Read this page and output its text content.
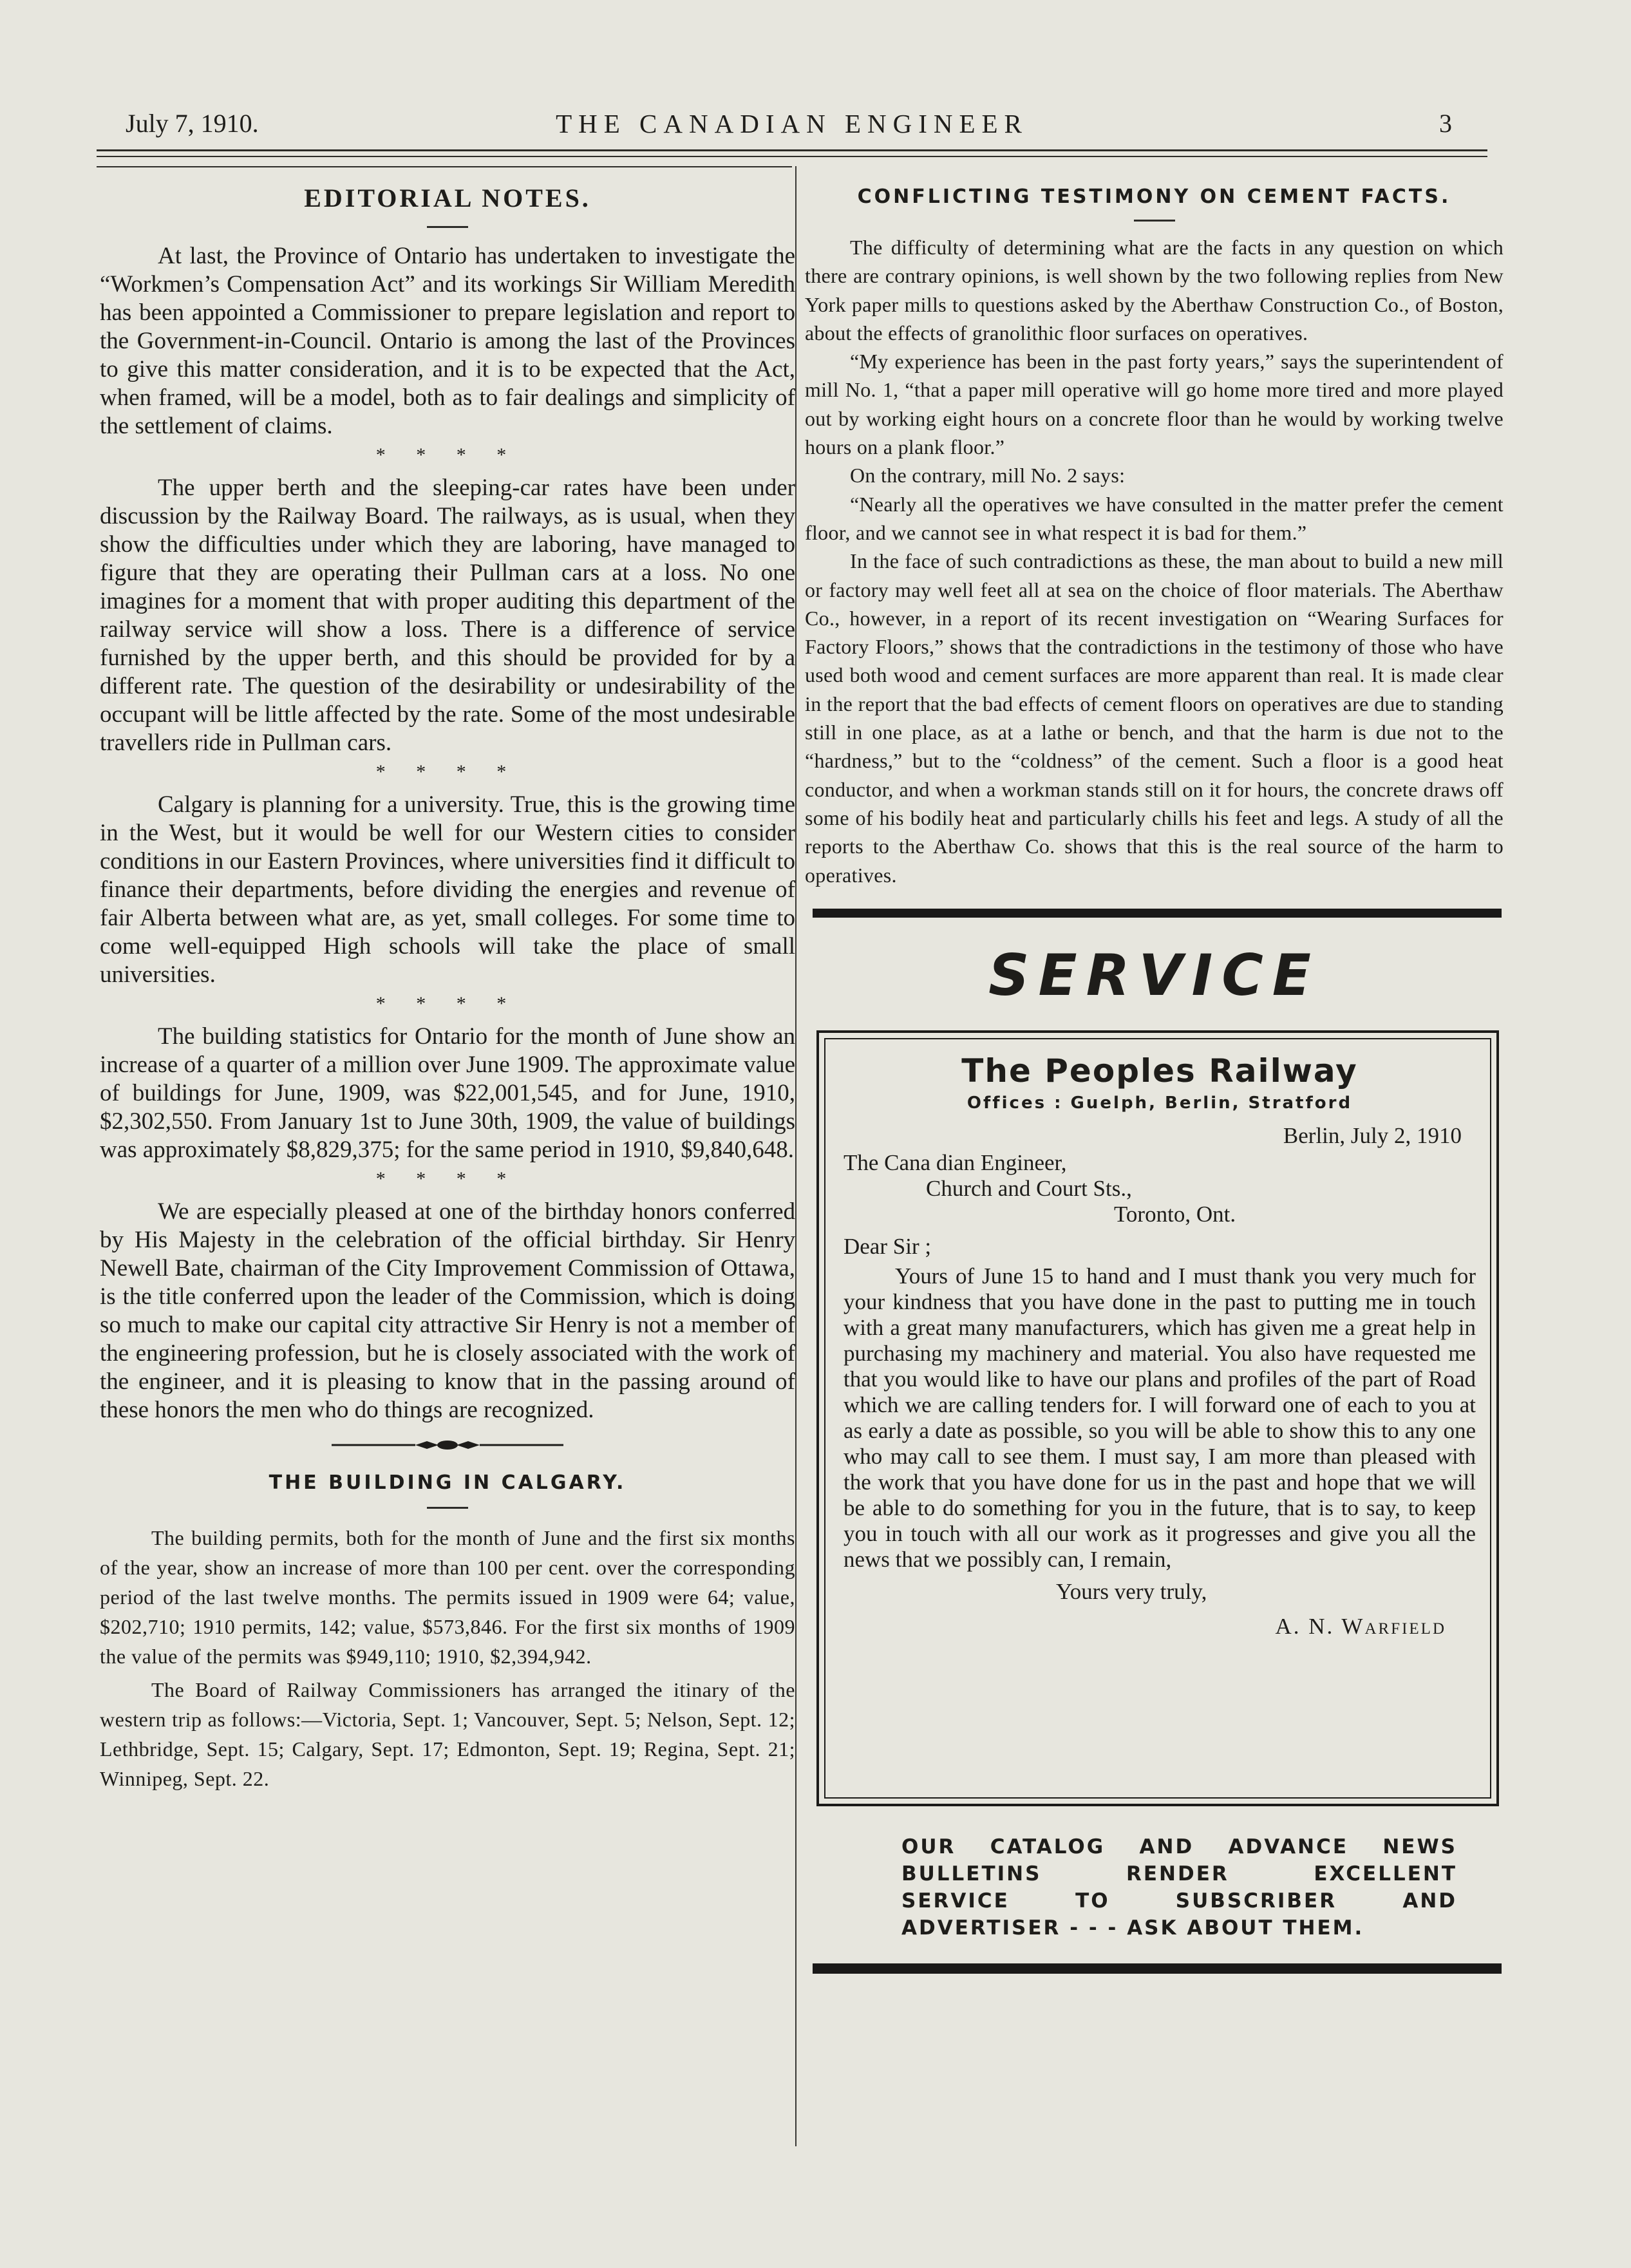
July 7, 1910.	THE CANADIAN ENGINEER	3
EDITORIAL NOTES.

At last, the Province of Ontario has undertaken to investigate the “Workmen’s Compensation Act” and its workings Sir William Meredith has been appointed a Commissioner to prepare legislation and report to the Government-in-Council. Ontario is among the last of the Provinces to give this matter consideration, and it is to be expected that the Act, when framed, will be a model, both as to fair dealings and simplicity of the settlement of claims.

* * * *

The upper berth and the sleeping-car rates have been under discussion by the Railway Board. The railways, as is usual, when they show the difficulties under which they are laboring, have managed to figure that they are operating their Pullman cars at a loss. No one imagines for a moment that with proper auditing this department of the railway service will show a loss. There is a difference of service furnished by the upper berth, and this should be provided for by a different rate. The question of the desirability or undesirability of the occupant will be little affected by the rate. Some of the most undesirable travellers ride in Pullman cars.

* * * *

Calgary is planning for a university. True, this is the growing time in the West, but it would be well for our Western cities to consider conditions in our Eastern Provinces, where universities find it difficult to finance their departments, before dividing the energies and revenue of fair Alberta between what are, as yet, small colleges. For some time to come well-equipped High schools will take the place of small universities.

* * * *

The building statistics for Ontario for the month of June show an increase of a quarter of a million over June 1909. The approximate value of buildings for June, 1909, was $22,001,545, and for June, 1910, $2,302,550. From January 1st to June 30th, 1909, the value of buildings was approximately $8,829,375; for the same period in 1910, $9,840,648.

* * * *

We are especially pleased at one of the birthday honors conferred by His Majesty in the celebration of the official birthday. Sir Henry Newell Bate, chairman of the City Improvement Commission of Ottawa, is the title conferred upon the leader of the Commission, which is doing so much to make our capital city attractive Sir Henry is not a member of the engineering profession, but he is closely associated with the work of the engineer, and it is pleasing to know that in the passing around of these honors the men who do things are recognized.

THE BUILDING IN CALGARY.

The building permits, both for the month of June and the first six months of the year, show an increase of more than 100 per cent. over the corresponding period of the last twelve months. The permits issued in 1909 were 64; value, $202,710; 1910 permits, 142; value, $573,846. For the first six months of 1909 the value of the permits was $949,110; 1910, $2,394,942.

The Board of Railway Commissioners has arranged the itinary of the western trip as follows:—Victoria, Sept. 1; Vancouver, Sept. 5; Nelson, Sept. 12; Lethbridge, Sept. 15; Calgary, Sept. 17; Edmonton, Sept. 19; Regina, Sept. 21; Winnipeg, Sept. 22.

CONFLICTING TESTIMONY ON CEMENT FACTS.

The difficulty of determining what are the facts in any question on which there are contrary opinions, is well shown by the two following replies from New York paper mills to questions asked by the Aberthaw Construction Co., of Boston, about the effects of granolithic floor surfaces on operatives.

“My experience has been in the past forty years,” says the superintendent of mill No. 1, “that a paper mill operative will go home more tired and more played out by working eight hours on a concrete floor than he would by working twelve hours on a plank floor.”

On the contrary, mill No. 2 says:

“Nearly all the operatives we have consulted in the matter prefer the cement floor, and we cannot see in what respect it is bad for them.”

In the face of such contradictions as these, the man about to build a new mill or factory may well feet all at sea on the choice of floor materials. The Aberthaw Co., however, in a report of its recent investigation on “Wearing Surfaces for Factory Floors,” shows that the contradictions in the testimony of those who have used both wood and cement surfaces are more apparent than real. It is made clear in the report that the bad effects of cement floors on operatives are due to standing still in one place, as at a lathe or bench, and that the harm is due not to the “hardness,” but to the “coldness” of the cement. Such a floor is a good heat conductor, and when a workman stands still on it for hours, the concrete draws off some of his bodily heat and particularly chills his feet and legs. A study of all the reports to the Aberthaw Co. shows that this is the real source of the harm to operatives.

SERVICE
The Peoples Railway
Offices : Guelph, Berlin, Stratford

Berlin, July 2, 1910

The Cana dian Engineer,

Church and Court Sts.,

Toronto, Ont.

Dear Sir ;

Yours of June 15 to hand and I must thank you very much for your kindness that you have done in the past to putting me in touch with a great many manufacturers, which has given me a great help in purchasing my machinery and material. You also have requested me that you would like to have our plans and profiles of the part of Road which we are calling tenders for. I will forward one of each to you at as early a date as possible, so you will be able to show this to any one who may call to see them. I must say, I am more than pleased with the work that you have done for us in the past and hope that we will be able to do something for you in the future, that is to say, to keep you in touch with all our work as it progresses and give you all the news that we possibly can, I remain,

Yours very truly,

A. N. Warfield

OUR CATALOG AND ADVANCE NEWS
BULLETINS	RENDER	EXCELLENT
SERVICE	TO	SUBSCRIBER	AND
ADVERTISER - - - ASK ABOUT THEM.
